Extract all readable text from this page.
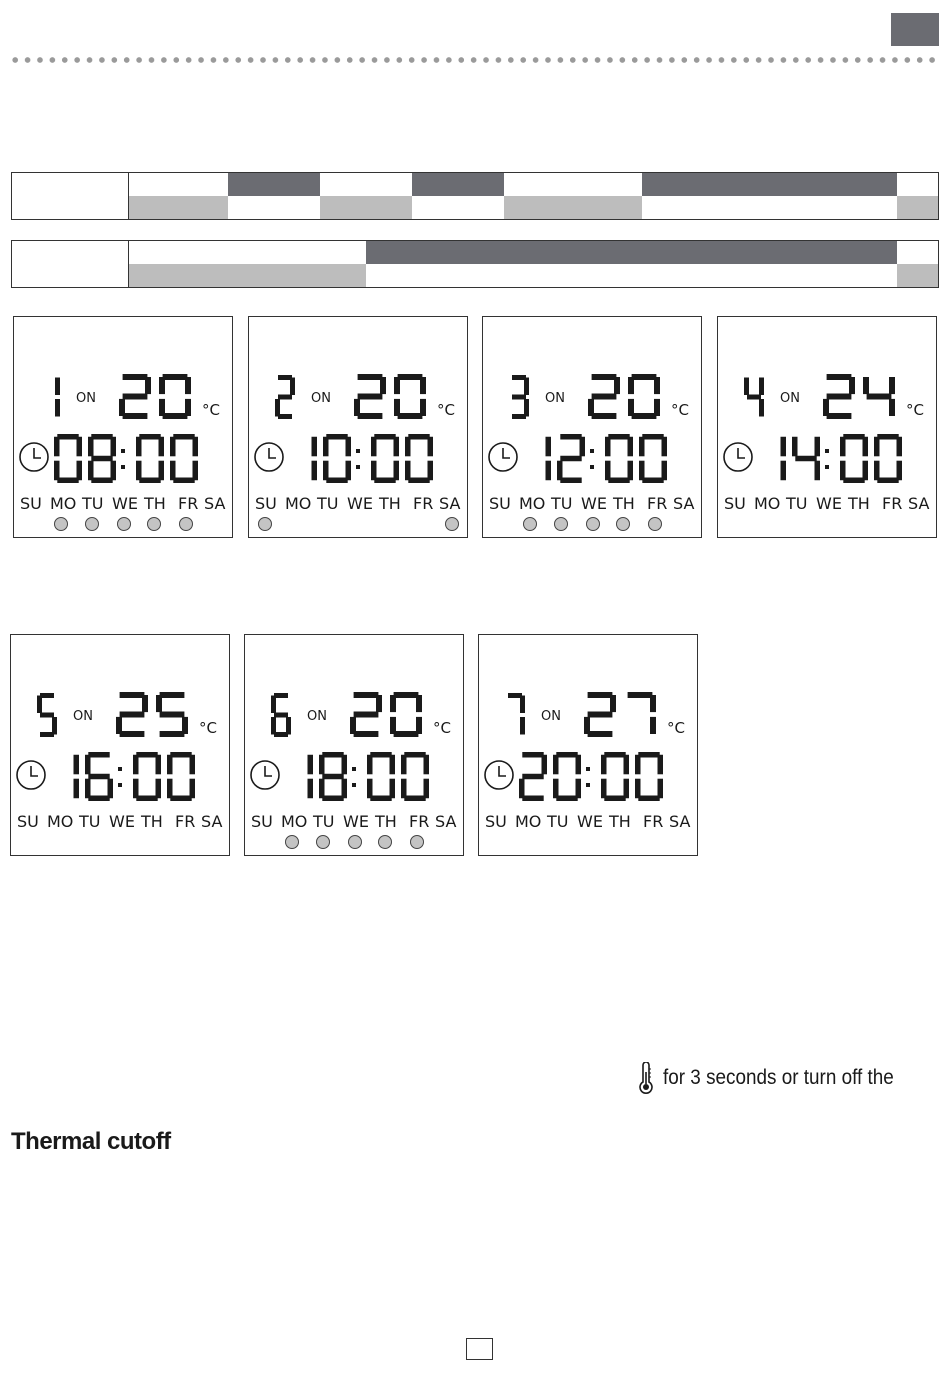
ON
°C
SU MO TU WE TH FR SA
ON
°C
SU MO TU WE TH FR SA
ON
°C
SU MO TU WE TH FR SA
ON
°C
SU MO TU WE TH FR SA
ON
°C
SU MO TU WE TH FR SA
ON
°C
SU MO TU WE TH FR SA
ON
°C
SU MO TU WE TH FR SA
for 3 seconds or turn off the
Thermal cutoff
